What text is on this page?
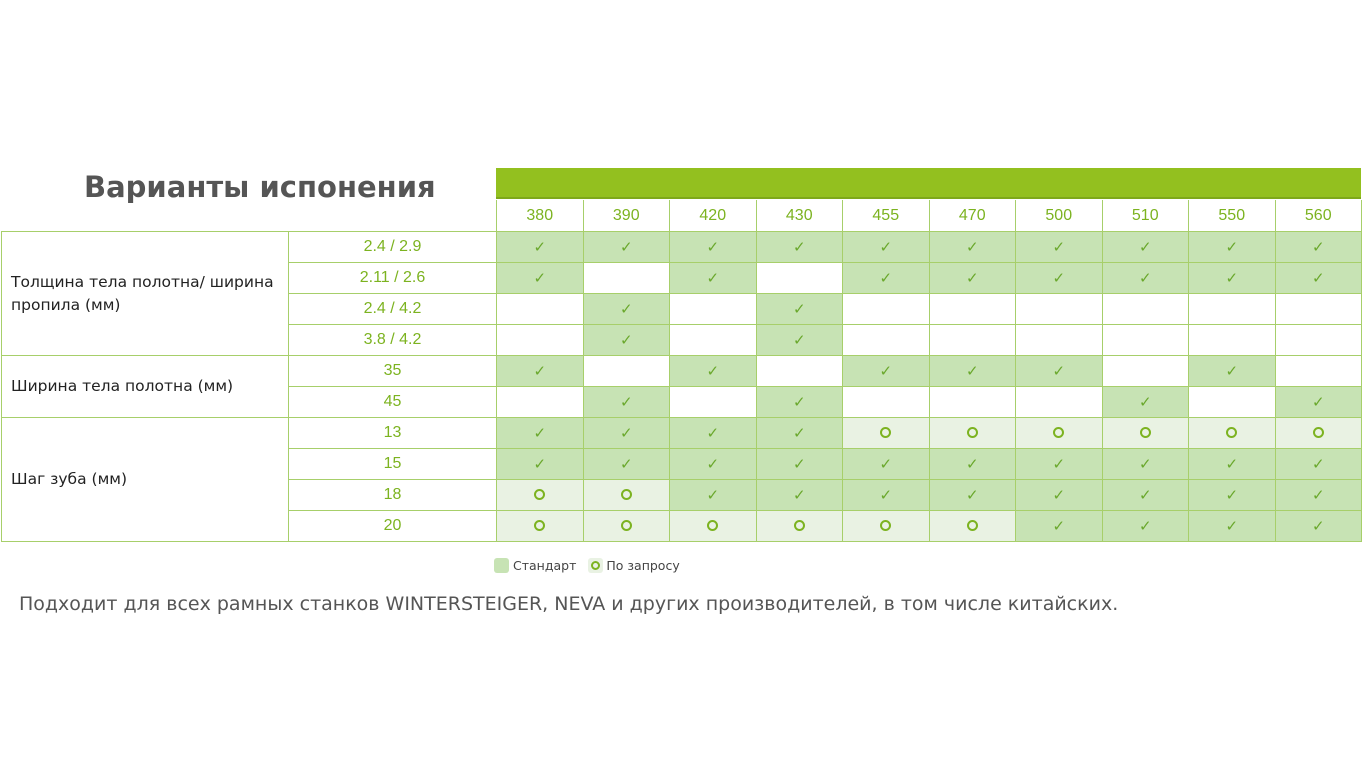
Варианты испонения
		380	390	420	430	455	470	500	510	550	560
Толщина тела полотна/ ширина пропила (мм)	2.4 / 2.9	✓	✓	✓	✓	✓	✓	✓	✓	✓	✓
	2.11 / 2.6	✓		✓		✓	✓	✓	✓	✓	✓
	2.4 / 4.2		✓		✓						
	3.8 / 4.2		✓		✓						
Ширина тела полотна (мм)	35	✓		✓		✓	✓	✓		✓	
	45		✓		✓				✓		✓
Шаг зуба (мм)	13	✓	✓	✓	✓						
	15	✓	✓	✓	✓	✓	✓	✓	✓	✓	✓
	18			✓	✓	✓	✓	✓	✓	✓	✓
	20							✓	✓	✓	✓
Стандарт По запросу
Подходит для всех рамных станков WINTERSTEIGER, NEVA и других производителей, в том числе китайских.
